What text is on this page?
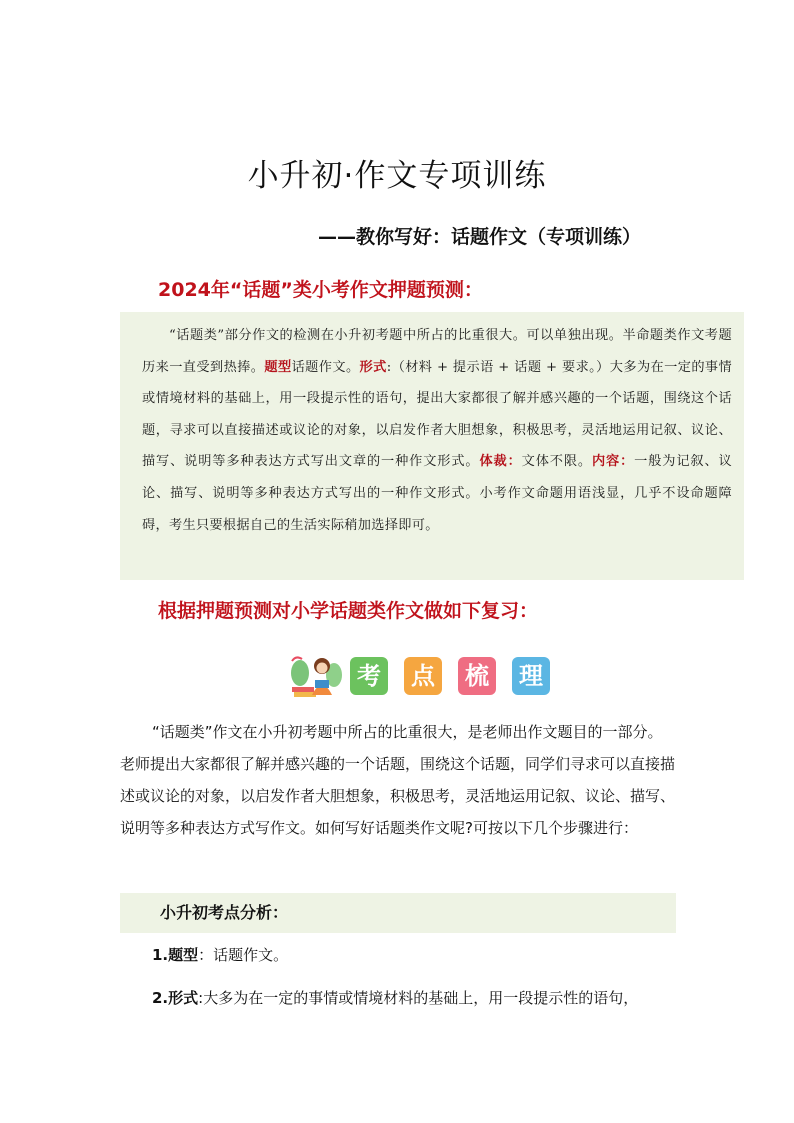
小升初·作文专项训练
——教你写好：话题作文（专项训练）
2024年“话题”类小考作文押题预测：
“话题类”部分作文的检测在小升初考题中所占的比重很大。可以单独出现。半命题类作文考题历来一直受到热捧。题型话题作文。形式:（材料 + 提示语 + 话题 + 要求。）大多为在一定的事情或情境材料的基础上，用一段提示性的语句，提出大家都很了解并感兴趣的一个话题，围绕这个话题，寻求可以直接描述或议论的对象，以启发作者大胆想象，积极思考，灵活地运用记叙、议论、描写、说明等多种表达方式写出文章的一种作文形式。体裁：文体不限。内容：一般为记叙、议论、描写、说明等多种表达方式写出的一种作文形式。小考作文命题用语浅显，几乎不设命题障碍，考生只要根据自己的生活实际稍加选择即可。
根据押题预测对小学话题类作文做如下复习：
考 点 梳 理

“话题类”作文在小升初考题中所占的比重很大，是老师出作文题目的一部分。老师提出大家都很了解并感兴趣的一个话题，围绕这个话题，同学们寻求可以直接描述或议论的对象，以启发作者大胆想象，积极思考，灵活地运用记叙、议论、描写、说明等多种表达方式写作文。如何写好话题类作文呢?可按以下几个步骤进行：

小升初考点分析：
1.题型：话题作文。
2.形式:大多为在一定的事情或情境材料的基础上，用一段提示性的语句，
